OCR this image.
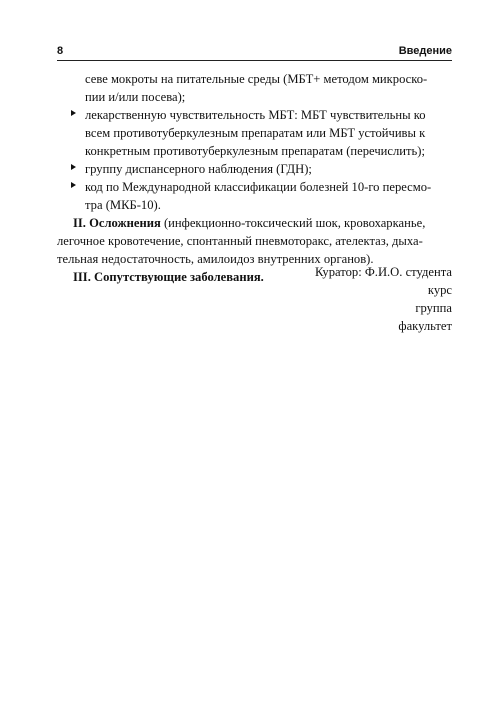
8	Введение
севе мокроты на питательные среды (МБТ+ методом микроско-
пии и/или посева);
лекарственную чувствительность МБТ: МБТ чувствительны ко
всем противотуберкулезным препаратам или МБТ устойчивы к
конкретным противотуберкулезным препаратам (перечислить);
группу диспансерного наблюдения (ГДН);
код по Международной классификации болезней 10-го пересмо-
тра (МКБ-10).
II. Осложнения (инфекционно-токсический шок, кровохарканье,
легочное кровотечение, спонтанный пневмоторакс, ателектаз, дыха-
тельная недостаточность, амилоидоз внутренних органов).
III. Сопутствующие заболевания.	Куратор: Ф.И.О. студента
курс
группа
факультет
